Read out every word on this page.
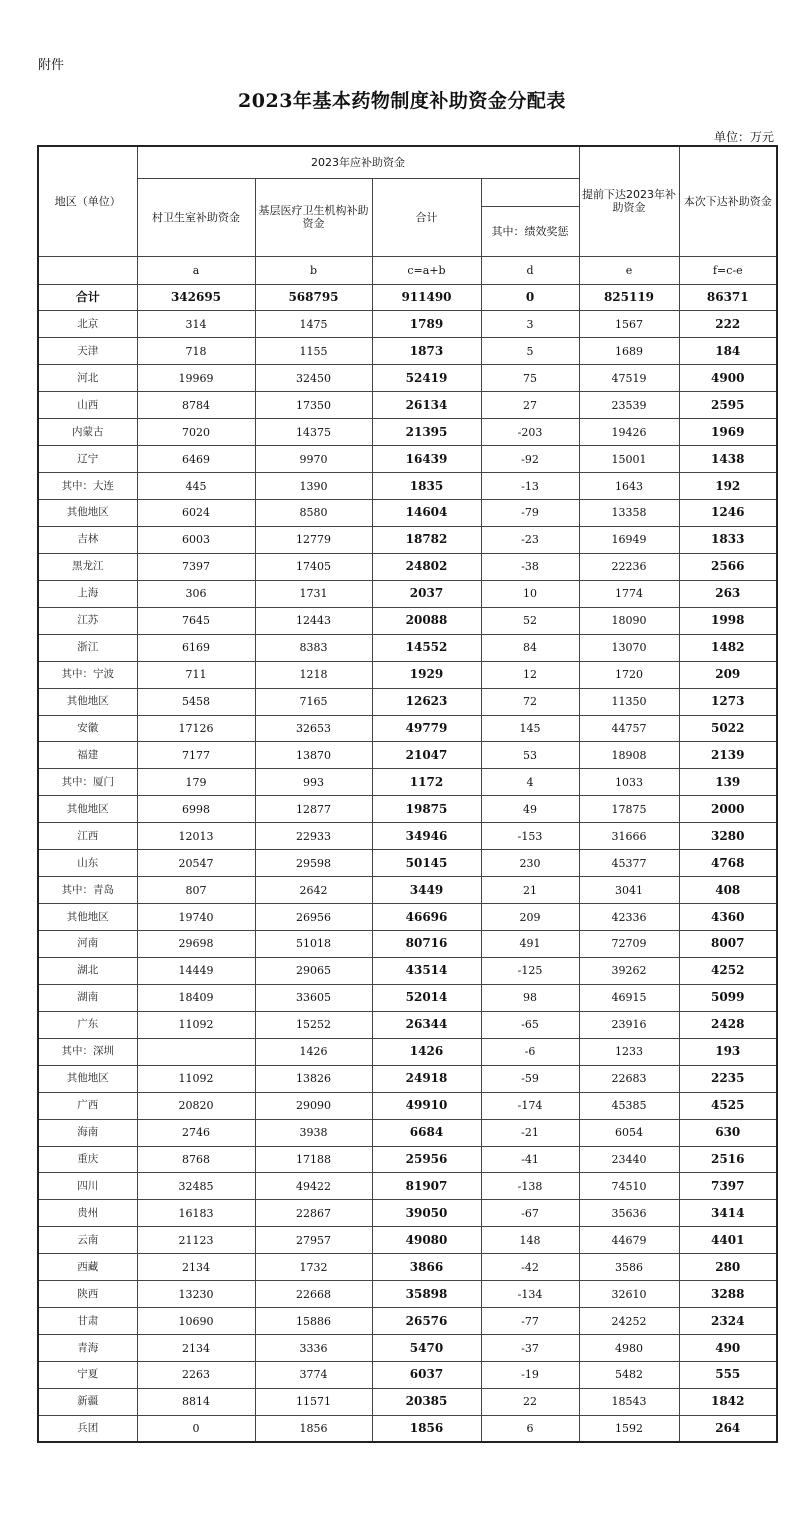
附件
2023年基本药物制度补助资金分配表
单位：万元
地区（单位）	2023年应补助资金				提前下达2023年补助资金	本次下达补助资金
	村卫生室补助资金	基层医疗卫生机构补助资金	合计			
				其中：绩效奖惩		
	a	b	c=a+b	d	e	f=c-e
合计	342695	568795	911490	0	825119	86371
北京	314	1475	1789	3	1567	222
天津	718	1155	1873	5	1689	184
河北	19969	32450	52419	75	47519	4900
山西	8784	17350	26134	27	23539	2595
内蒙古	7020	14375	21395	-203	19426	1969
辽宁	6469	9970	16439	-92	15001	1438
其中：大连	445	1390	1835	-13	1643	192
其他地区	6024	8580	14604	-79	13358	1246
吉林	6003	12779	18782	-23	16949	1833
黑龙江	7397	17405	24802	-38	22236	2566
上海	306	1731	2037	10	1774	263
江苏	7645	12443	20088	52	18090	1998
浙江	6169	8383	14552	84	13070	1482
其中：宁波	711	1218	1929	12	1720	209
其他地区	5458	7165	12623	72	11350	1273
安徽	17126	32653	49779	145	44757	5022
福建	7177	13870	21047	53	18908	2139
其中：厦门	179	993	1172	4	1033	139
其他地区	6998	12877	19875	49	17875	2000
江西	12013	22933	34946	-153	31666	3280
山东	20547	29598	50145	230	45377	4768
其中：青岛	807	2642	3449	21	3041	408
其他地区	19740	26956	46696	209	42336	4360
河南	29698	51018	80716	491	72709	8007
湖北	14449	29065	43514	-125	39262	4252
湖南	18409	33605	52014	98	46915	5099
广东	11092	15252	26344	-65	23916	2428
其中：深圳		1426	1426	-6	1233	193
其他地区	11092	13826	24918	-59	22683	2235
广西	20820	29090	49910	-174	45385	4525
海南	2746	3938	6684	-21	6054	630
重庆	8768	17188	25956	-41	23440	2516
四川	32485	49422	81907	-138	74510	7397
贵州	16183	22867	39050	-67	35636	3414
云南	21123	27957	49080	148	44679	4401
西藏	2134	1732	3866	-42	3586	280
陕西	13230	22668	35898	-134	32610	3288
甘肃	10690	15886	26576	-77	24252	2324
青海	2134	3336	5470	-37	4980	490
宁夏	2263	3774	6037	-19	5482	555
新疆	8814	11571	20385	22	18543	1842
兵团	0	1856	1856	6	1592	264
